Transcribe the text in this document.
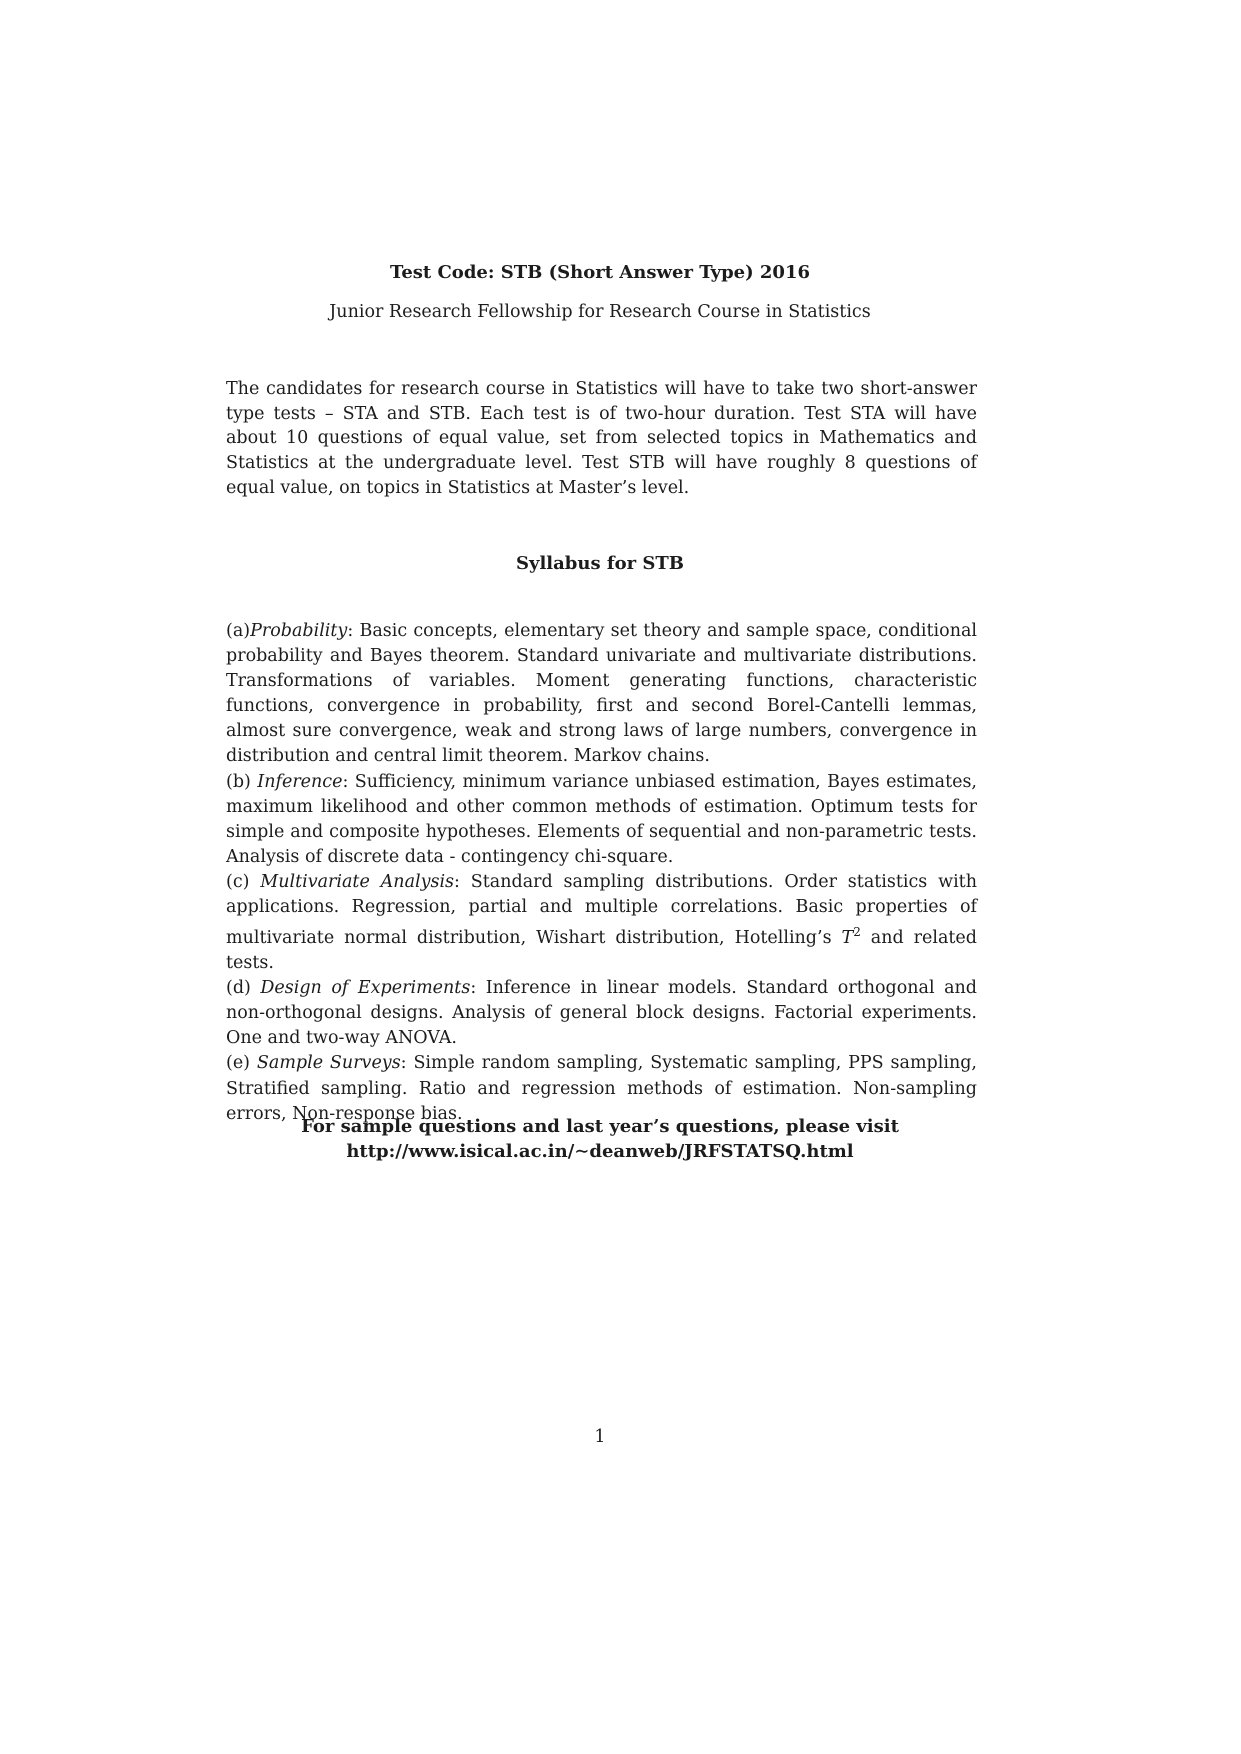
Test Code: STB (Short Answer Type) 2016
Junior Research Fellowship for Research Course in Statistics
The candidates for research course in Statistics will have to take two short-answer type tests – STA and STB. Each test is of two-hour duration. Test STA will have about 10 questions of equal value, set from selected topics in Mathematics and Statistics at the undergraduate level. Test STB will have roughly 8 questions of equal value, on topics in Statistics at Master’s level.
Syllabus for STB

(a)Probability: Basic concepts, elementary set theory and sample space, conditional probability and Bayes theorem. Standard univariate and multivariate distributions. Transformations of variables. Moment generating functions, characteristic functions, convergence in probability, first and second Borel-Cantelli lemmas, almost sure convergence, weak and strong laws of large numbers, convergence in distribution and central limit theorem. Markov chains.

(b) Inference: Sufficiency, minimum variance unbiased estimation, Bayes estimates, maximum likelihood and other common methods of estimation. Optimum tests for simple and composite hypotheses. Elements of sequential and non-parametric tests. Analysis of discrete data - contingency chi-square.

(c) Multivariate Analysis: Standard sampling distributions. Order statistics with applications. Regression, partial and multiple correlations. Basic properties of multivariate normal distribution, Wishart distribution, Hotelling’s $T^2$ and related tests.

(d) Design of Experiments: Inference in linear models. Standard orthogonal and non-orthogonal designs. Analysis of general block designs. Factorial experiments. One and two-way ANOVA.

(e) Sample Surveys: Simple random sampling, Systematic sampling, PPS sampling, Stratified sampling. Ratio and regression methods of estimation. Non-sampling errors, Non-response bias.

For sample questions and last year’s questions, please visit
http://www.isical.ac.in/∼deanweb/JRFSTATSQ.html
1
